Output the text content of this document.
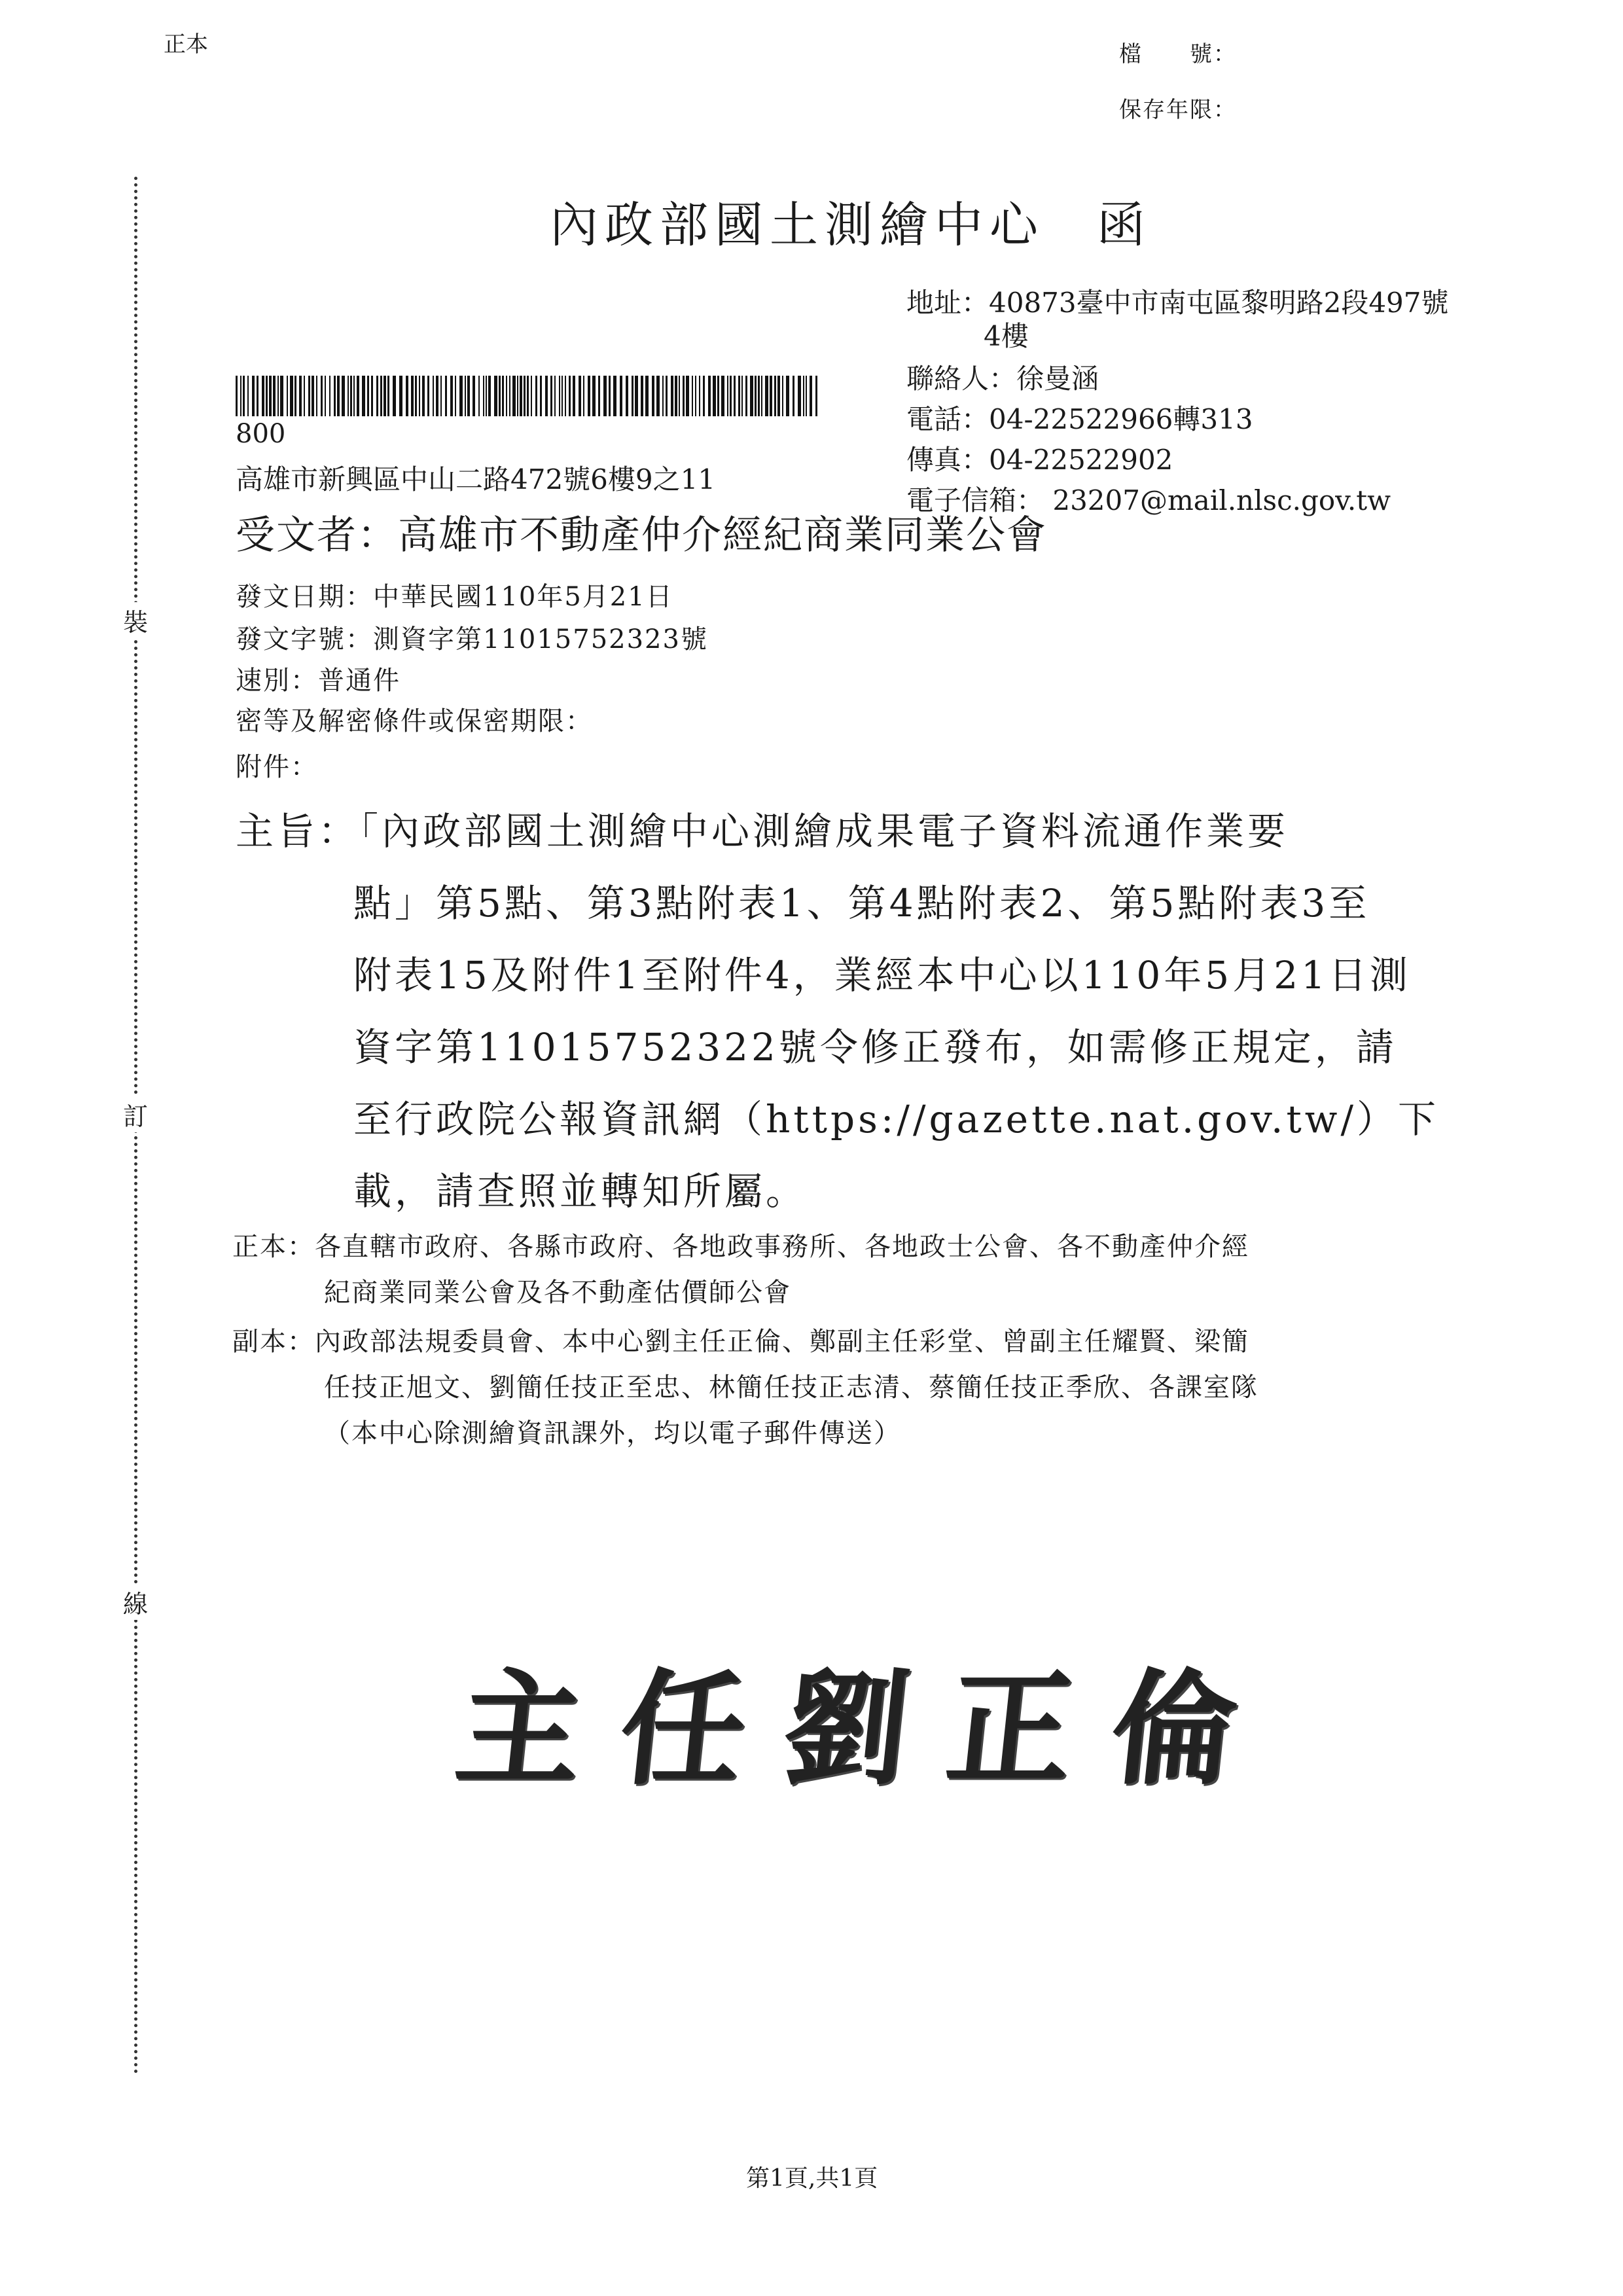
正本	檔　　號：
保存年限：
裝
訂
線
內政部國土測繪中心 函
地址：40873臺中市南屯區黎明路2段497號
4樓
聯絡人：徐曼涵
電話：04-22522966轉313
傳真：04-22522902
電子信箱： 23207@mail.nlsc.gov.tw
800
高雄市新興區中山二路472號6樓9之11
受文者：高雄市不動產仲介經紀商業同業公會
發文日期：中華民國110年5月21日
發文字號：測資字第11015752323號
速別：普通件
密等及解密條件或保密期限：
附件：
主旨：「內政部國土測繪中心測繪成果電子資料流通作業要
點」第5點、第3點附表1、第4點附表2、第5點附表3至
附表15及附件1至附件4，業經本中心以110年5月21日測
資字第11015752322號令修正發布，如需修正規定，請
至行政院公報資訊網（https://gazette.nat.gov.tw/）下
載，請查照並轉知所屬。
正本：各直轄市政府、各縣市政府、各地政事務所、各地政士公會、各不動產仲介經
紀商業同業公會及各不動產估價師公會
副本：內政部法規委員會、本中心劉主任正倫、鄭副主任彩堂、曾副主任耀賢、梁簡
任技正旭文、劉簡任技正至忠、林簡任技正志清、蔡簡任技正季欣、各課室隊
（本中心除測繪資訊課外，均以電子郵件傳送）
主任劉正倫
第1頁,共1頁
